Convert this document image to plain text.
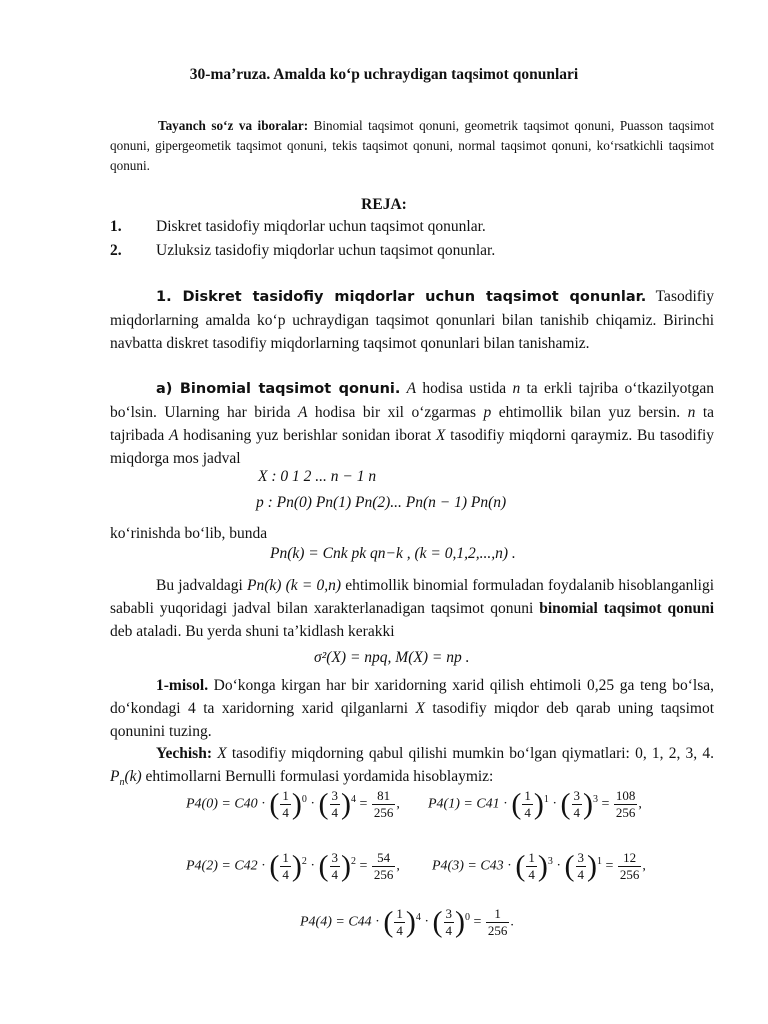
30-ma’ruza. Amalda ko‘p uchraydigan taqsimot qonunlari
Tayanch so‘z va iboralar: Binomial taqsimot qonuni, geometrik taqsimot qonuni, Puasson taqsimot qonuni, gipergeometik taqsimot qonuni, tekis taqsimot qonuni, normal taqsimot qonuni, ko‘rsatkichli taqsimot qonuni.
REJA:
1. Diskret tasidofiy miqdorlar uchun taqsimot qonunlar.
2. Uzluksiz tasidofiy miqdorlar uchun taqsimot qonunlar.
1. Diskret tasidofiy miqdorlar uchun taqsimot qonunlar. Tasodifiy miqdorlarning amalda ko‘p uchraydigan taqsimot qonunlari bilan tanishib chiqamiz. Birinchi navbatta diskret tasodifiy miqdorlarning taqsimot qonunlari bilan tanishamiz.
a) Binomial taqsimot qonuni. A hodisa ustida n ta erkli tajriba o‘tkazilyotgan bo‘lsin. Ularning har birida A hodisa bir xil o‘zgarmas p ehtimollik bilan yuz bersin. n ta tajribada A hodisaning yuz berishlar sonidan iborat X tasodifiy miqdorni qaraymiz. Bu tasodifiy miqdorga mos jadval
X : 0 1 2 ... n − 1 n
p : Pn(0) Pn(1) Pn(2)... Pn(n − 1) Pn(n)
ko‘rinishda bo‘lib, bunda
Pn(k) = Cnk pk qn−k , (k = 0,1,2,...,n) .
Bu jadvaldagi Pn(k) (k = 0,n) ehtimollik binomial formuladan foydalanib hisoblanganligi sababli yuqoridagi jadval bilan xarakterlanadigan taqsimot qonuni binomial taqsimot qonuni deb ataladi. Bu yerda shuni ta’kidlash kerakki
σ²(X) = npq, M(X) = np .
1-misol. Do‘konga kirgan har bir xaridorning xarid qilish ehtimoli 0,25 ga teng bo‘lsa, do‘kondagi 4 ta xaridorning xarid qilganlarni X tasodifiy miqdor deb qarab uning taqsimot qonunini tuzing.
Yechish: X tasodifiy miqdorning qabul qilishi mumkin bo‘lgan qiymatlari: 0, 1, 2, 3, 4. $P_n(k)$ ehtimollarni Bernulli formulasi yordamida hisoblaymiz:
P4(0) = C40 · ( $\frac{1}{4} )^0$ · ( $\frac{3}{4} )^4 = \frac{81}{256}$ , P4(1) = C41 · ( $\frac{1}{4} )^1$ · ( $\frac{3}{4} )^3 = \frac{108}{256}$ ,
P4(2) = C42 · ( $\frac{1}{4} )^2$ · ( $\frac{3}{4} )^2 = \frac{54}{256}$ , P4(3) = C43 · ( $\frac{1}{4} )^3$ · ( $\frac{3}{4} )^1 = \frac{12}{256}$ ,
P4(4) = C44 · ( $\frac{1}{4} )^4$ · ( $\frac{3}{4} )^0 = \frac{1}{256}$ .
